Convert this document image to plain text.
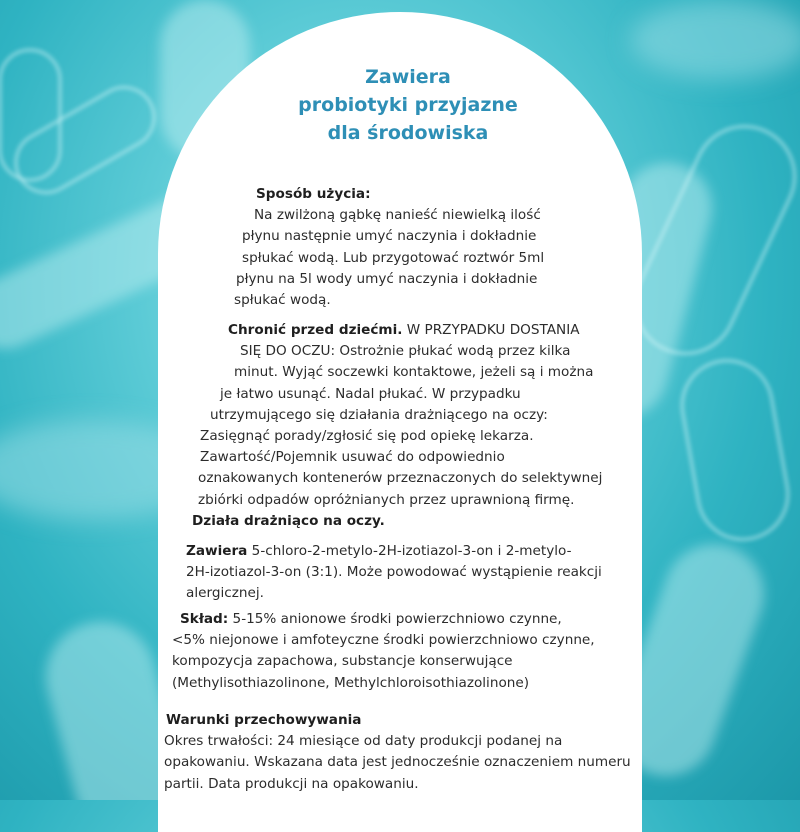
Zawiera
probiotyki przyjazne
dla środowiska
Sposób użycia:
Na zwilżoną gąbkę nanieść niewielką ilość
płynu następnie umyć naczynia i dokładnie
spłukać wodą. Lub przygotować roztwór 5ml
płynu na 5l wody umyć naczynia i dokładnie
spłukać wodą.
Chronić przed dziećmi. W PRZYPADKU DOSTANIA
SIĘ DO OCZU: Ostrożnie płukać wodą przez kilka
minut. Wyjąć soczewki kontaktowe, jeżeli są i można
je łatwo usunąć. Nadal płukać. W przypadku
utrzymującego się działania drażniącego na oczy:
Zasięgnąć porady/zgłosić się pod opiekę lekarza.
Zawartość/Pojemnik usuwać do odpowiednio
oznakowanych kontenerów przeznaczonych do selektywnej
zbiórki odpadów opróżnianych przez uprawnioną firmę.
Działa drażniąco na oczy.
Zawiera 5-chloro-2-metylo-2H-izotiazol-3-on i 2-metylo-
2H-izotiazol-3-on (3:1). Może powodować wystąpienie reakcji
alergicznej.
Skład: 5-15% anionowe środki powierzchniowo czynne,
<5% niejonowe i amfoteyczne środki powierzchniowo czynne,
kompozycja zapachowa, substancje konserwujące
(Methylisothiazolinone, Methylchloroisothiazolinone)
Warunki przechowywania
Okres trwałości: 24 miesiące od daty produkcji podanej na
opakowaniu. Wskazana data jest jednocześnie oznaczeniem numeru
partii. Data produkcji na opakowaniu.
